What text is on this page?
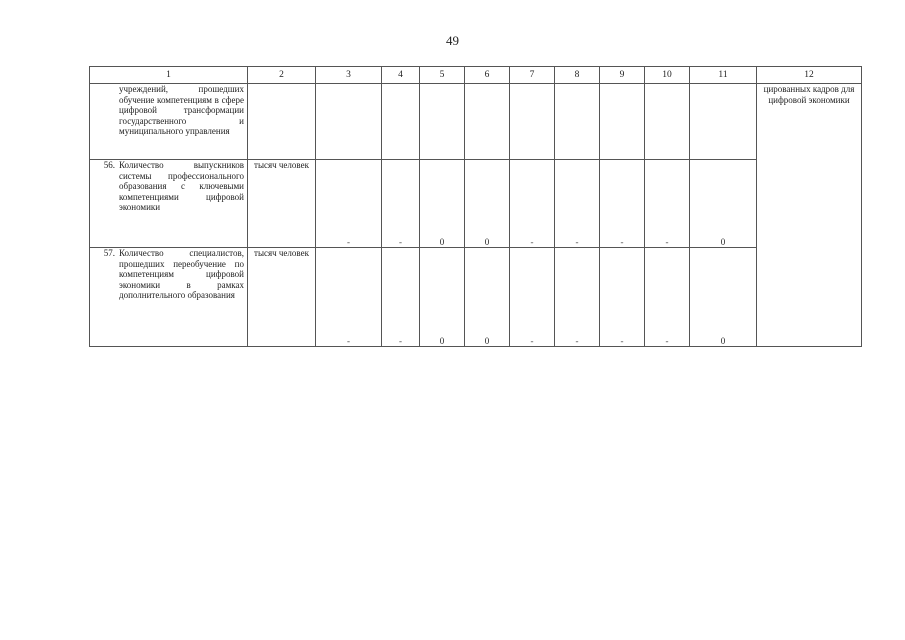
49
1	2	3	4	5	6	7	8	9	10	11	12

учреждений, прошедших обучение компетенциям в сфере цифровой трансформации государственного и муниципального управления											цированных кадров для цифровой экономики

56. Количество выпускников системы профессионального образования с ключевыми компетенциями цифровой экономики	тысяч человек	-	-	0	0	-	-	-	-	0	

57. Количество специалистов, прошедших переобучение по компетенциям цифровой экономики в рамках дополнительного образования	тысяч человек	-	-	0	0	-	-	-	-	0	
